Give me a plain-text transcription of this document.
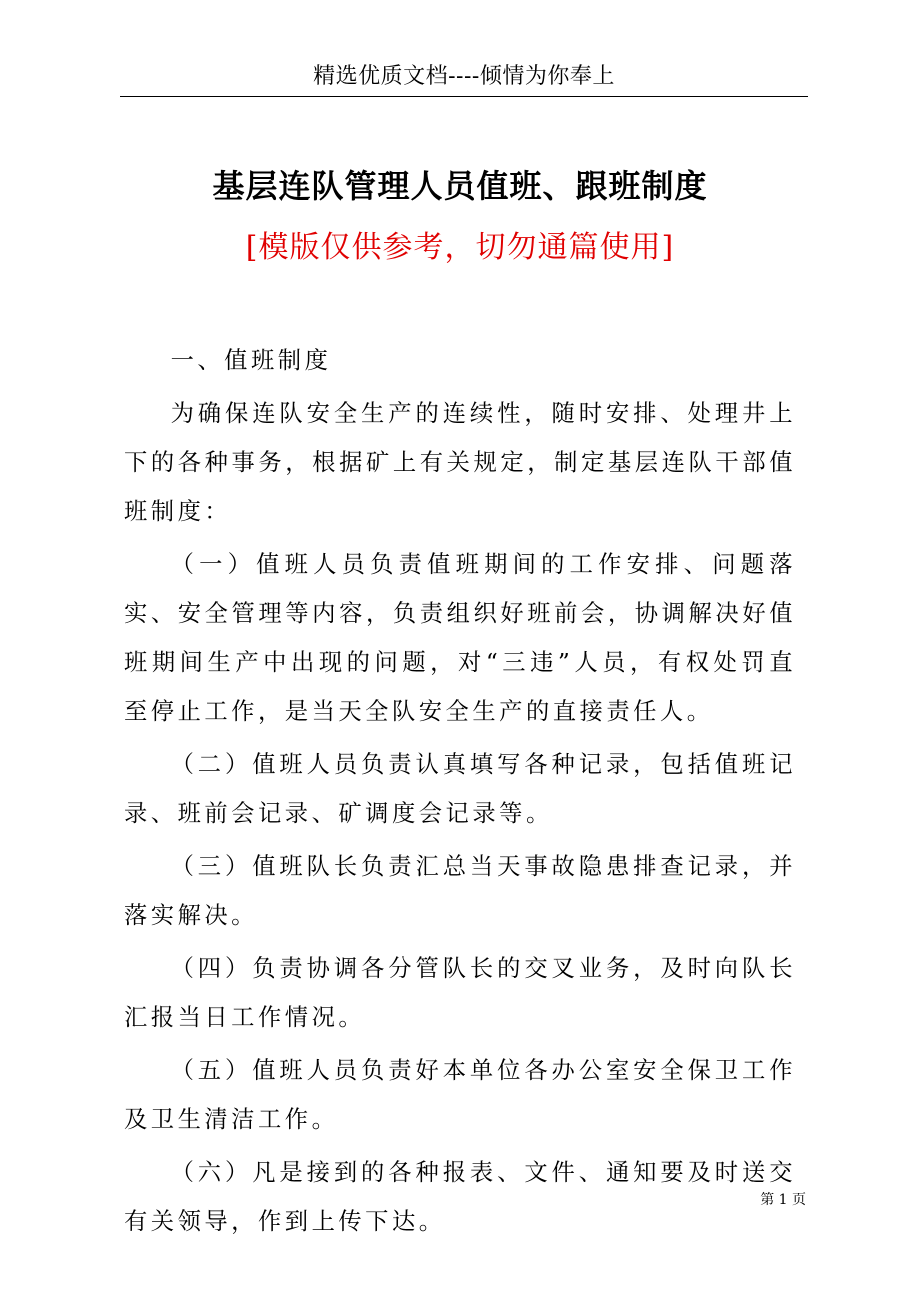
精选优质文档----倾情为你奉上
基层连队管理人员值班、跟班制度
[模版仅供参考，切勿通篇使用]

一、值班制度

为确保连队安全生产的连续性，随时安排、处理井上下的各种事务，根据矿上有关规定，制定基层连队干部值班制度：

（一）值班人员负责值班期间的工作安排、问题落实、安全管理等内容，负责组织好班前会，协调解决好值班期间生产中出现的问题，对“三违”人员，有权处罚直至停止工作，是当天全队安全生产的直接责任人。

（二）值班人员负责认真填写各种记录，包括值班记录、班前会记录、矿调度会记录等。

（三）值班队长负责汇总当天事故隐患排查记录，并落实解决。

（四）负责协调各分管队长的交叉业务，及时向队长汇报当日工作情况。

（五）值班人员负责好本单位各办公室安全保卫工作及卫生清洁工作。

（六）凡是接到的各种报表、文件、通知要及时送交有关领导，作到上传下达。

第 1 页
